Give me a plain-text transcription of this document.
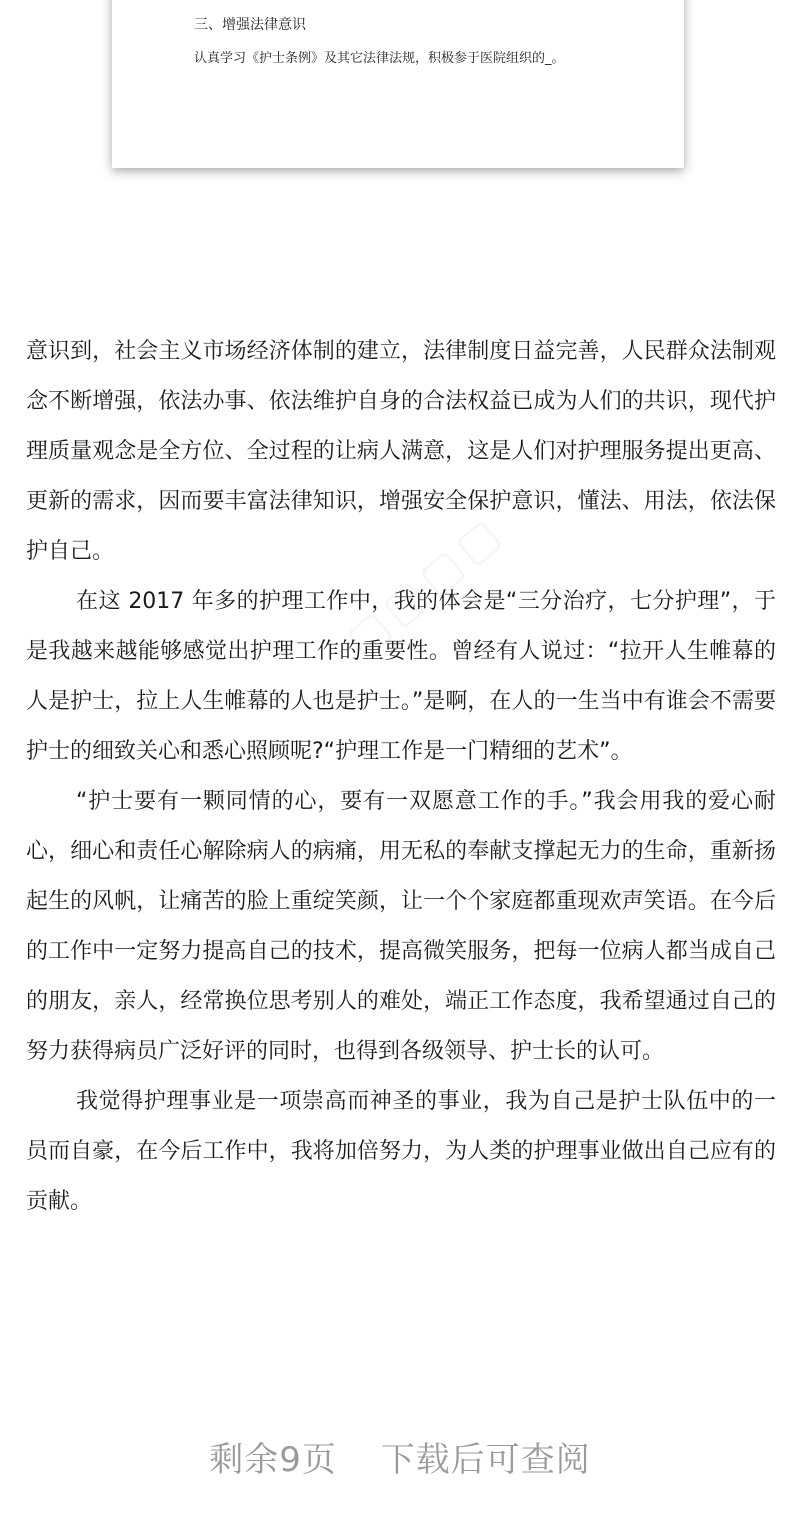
三、增强法律意识
认真学习《护士条例》及其它法律法规，积极参于医院组织的_。
▢▢▢▢

意识到，社会主义市场经济体制的建立，法律制度日益完善，人民群众法制观念不断增强，依法办事、依法维护自身的合法权益已成为人们的共识，现代护理质量观念是全方位、全过程的让病人满意，这是人们对护理服务提出更高、更新的需求，因而要丰富法律知识，增强安全保护意识，懂法、用法，依法保护自己。

在这 2017 年多的护理工作中，我的体会是“三分治疗，七分护理”，于是我越来越能够感觉出护理工作的重要性。曾经有人说过：“拉开人生帷幕的人是护士，拉上人生帷幕的人也是护士。”是啊，在人的一生当中有谁会不需要护士的细致关心和悉心照顾呢?“护理工作是一门精细的艺术”。

“护士要有一颗同情的心，要有一双愿意工作的手。”我会用我的爱心耐心，细心和责任心解除病人的病痛，用无私的奉献支撑起无力的生命，重新扬起生的风帆，让痛苦的脸上重绽笑颜，让一个个家庭都重现欢声笑语。在今后的工作中一定努力提高自己的技术，提高微笑服务，把每一位病人都当成自己的朋友，亲人，经常换位思考别人的难处，端正工作态度，我希望通过自己的努力获得病员广泛好评的同时，也得到各级领导、护士长的认可。

我觉得护理事业是一项崇高而神圣的事业，我为自己是护士队伍中的一员而自豪，在今后工作中，我将加倍努力，为人类的护理事业做出自己应有的贡献。

剩余9页 下载后可查阅
